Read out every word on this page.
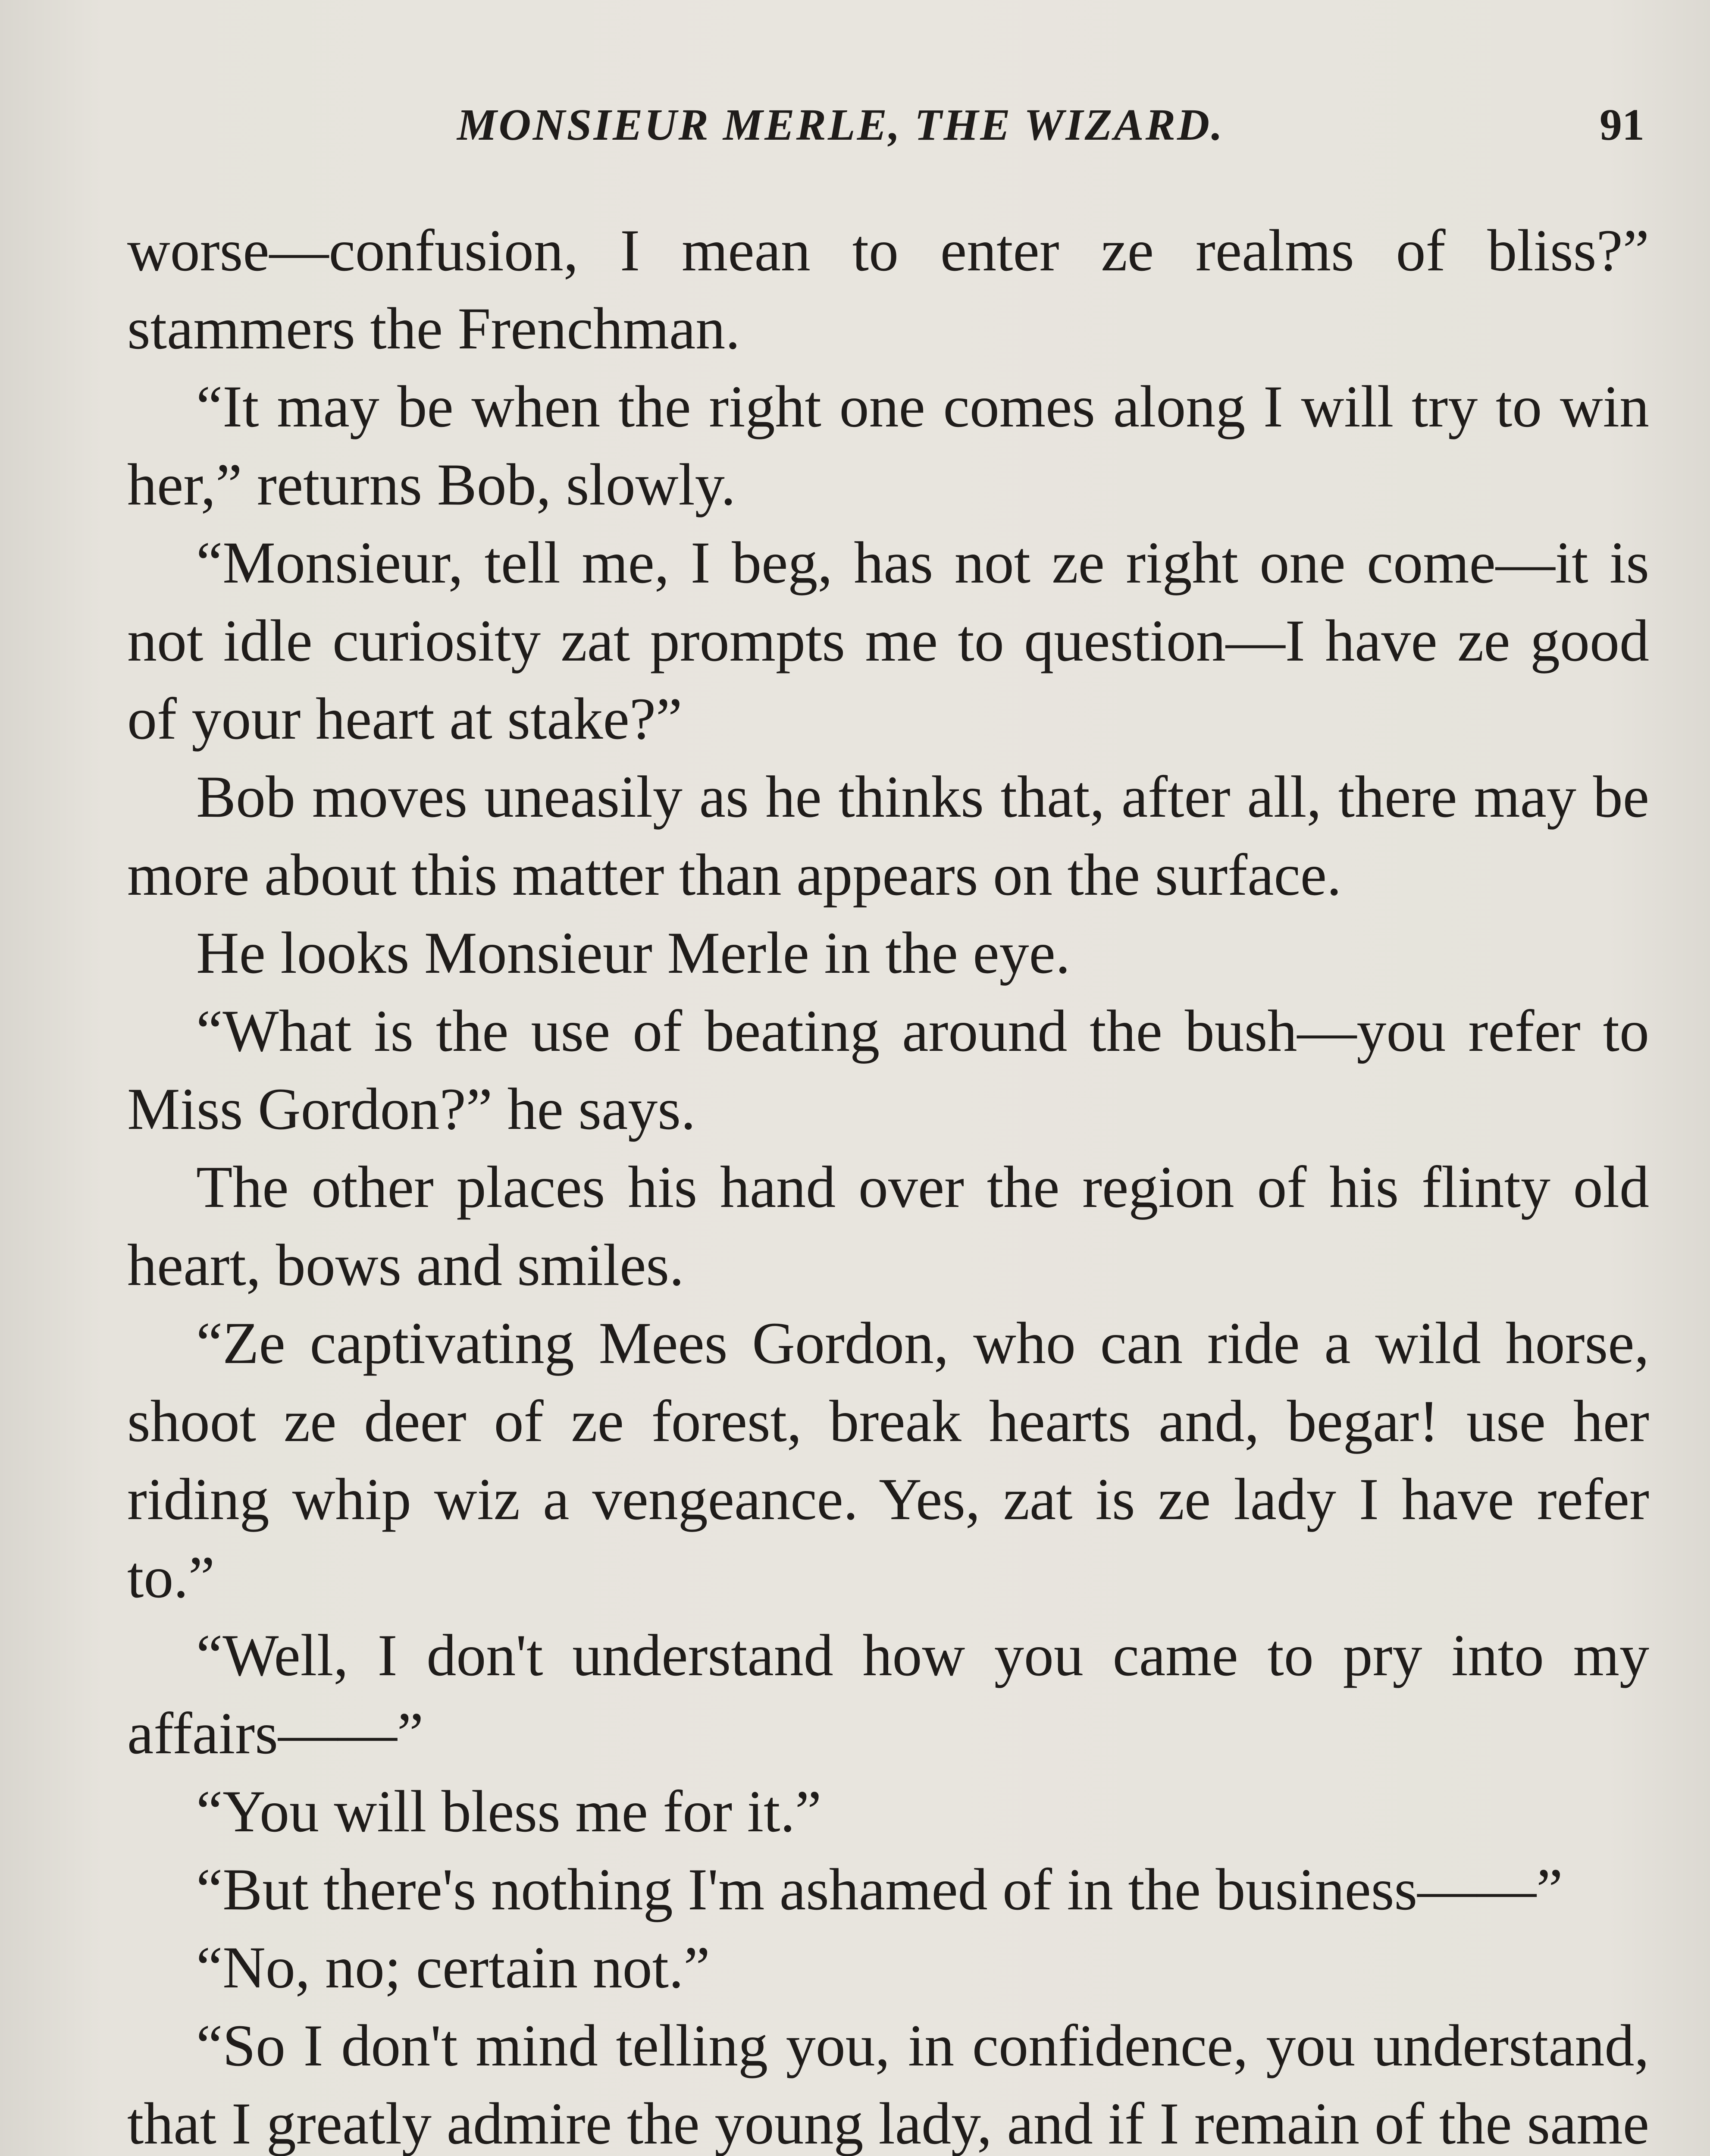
MONSIEUR MERLE, THE WIZARD.	91

worse—confusion, I mean to enter ze realms of bliss?” stammers the Frenchman.

“It may be when the right one comes along I will try to win her,” returns Bob, slowly.

“Monsieur, tell me, I beg, has not ze right one come—it is not idle curiosity zat prompts me to question—I have ze good of your heart at stake?”

Bob moves uneasily as he thinks that, after all, there may be more about this matter than appears on the surface.

He looks Monsieur Merle in the eye.

“What is the use of beating around the bush—you refer to Miss Gordon?” he says.

The other places his hand over the region of his flinty old heart, bows and smiles.

“Ze captivating Mees Gordon, who can ride a wild horse, shoot ze deer of ze forest, break hearts and, begar! use her riding whip wiz a vengeance. Yes, zat is ze lady I have refer to.”

“Well, I don't understand how you came to pry into my affairs——”

“You will bless me for it.”

“But there's nothing I'm ashamed of in the business——”

“No, no; certain not.”

“So I don't mind telling you, in confidence, you understand, that I greatly admire the young lady, and if I remain of the same
